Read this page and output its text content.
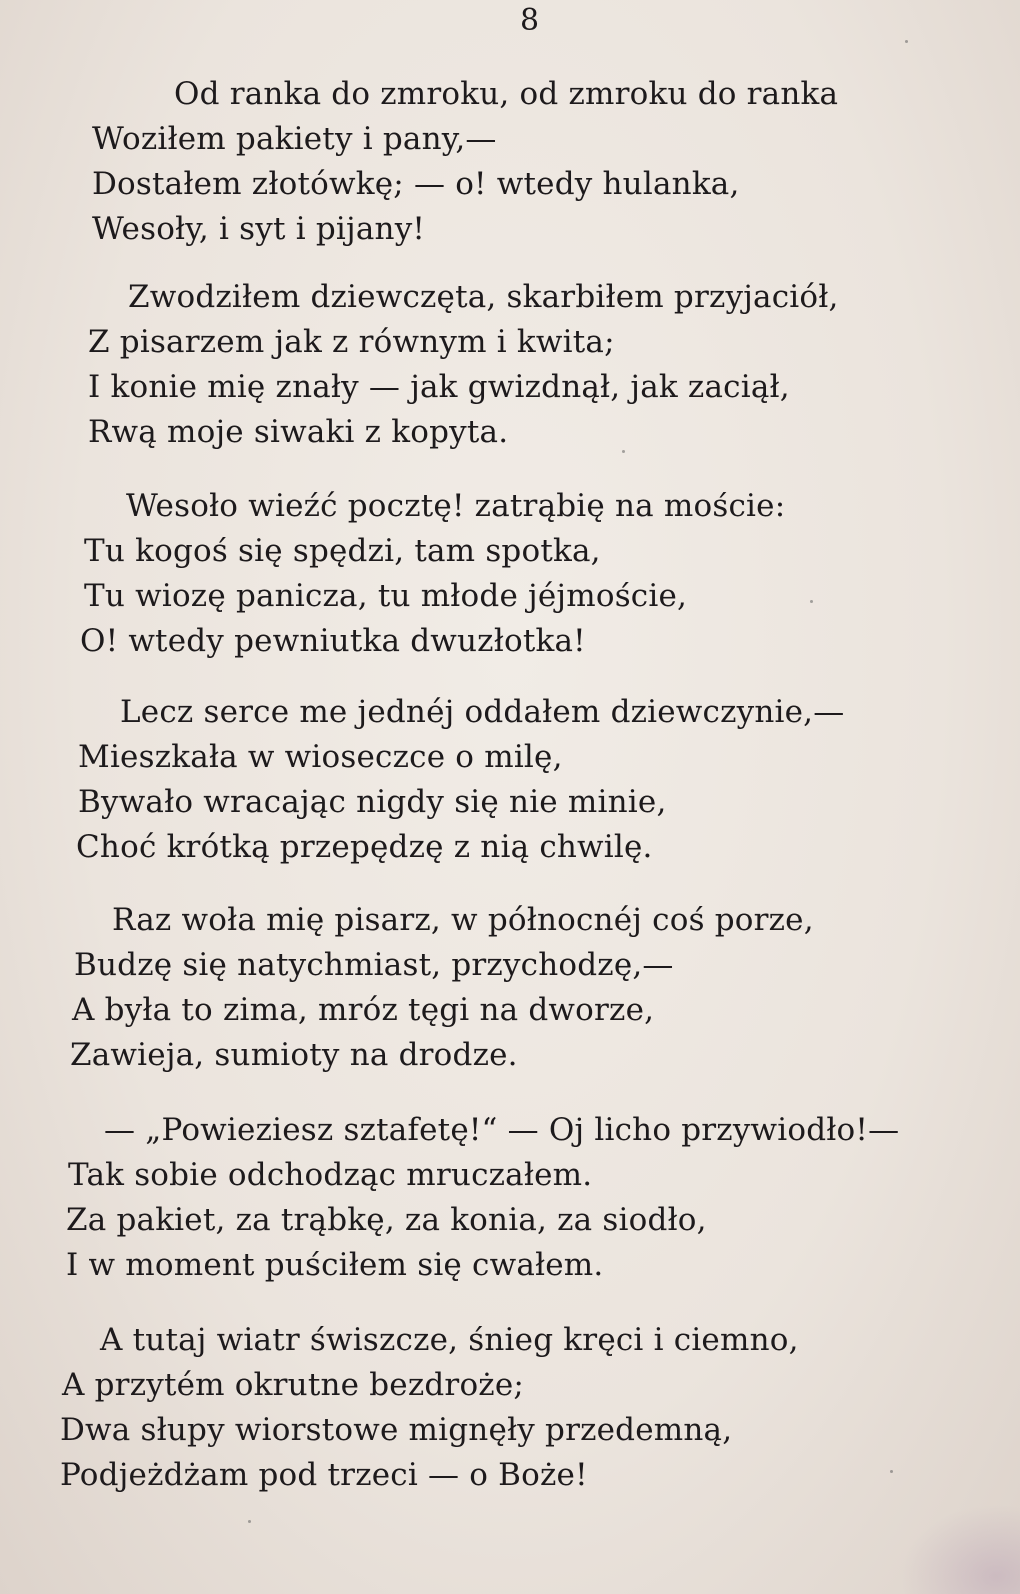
8
Od ranka do zmroku, od zmroku do ranka
Woziłem pakiety i pany,—
Dostałem złotówkę; — o! wtedy hulanka,
Wesoły, i syt i pijany!
Zwodziłem dziewczęta, skarbiłem przyjaciół,
Z pisarzem jak z równym i kwita;
I konie mię znały — jak gwizdnął, jak zaciął,
Rwą moje siwaki z kopyta.
Wesoło wieźć pocztę! zatrąbię na moście:
Tu kogoś się spędzi, tam spotka,
Tu wiozę panicza, tu młode jéjmoście,
O! wtedy pewniutka dwuzłotka!
Lecz serce me jednéj oddałem dziewczynie,—
Mieszkała w wioseczce o milę,
Bywało wracając nigdy się nie minie,
Choć krótką przepędzę z nią chwilę.
Raz woła mię pisarz, w północnéj coś porze,
Budzę się natychmiast, przychodzę,—
A była to zima, mróz tęgi na dworze,
Zawieja, sumioty na drodze.
— „Powieziesz sztafetę!“ — Oj licho przywiodło!—
Tak sobie odchodząc mruczałem.
Za pakiet, za trąbkę, za konia, za siodło,
I w moment puściłem się cwałem.
A tutaj wiatr świszcze, śnieg kręci i ciemno,
A przytém okrutne bezdroże;
Dwa słupy wiorstowe mignęły przedemną,
Podjeżdżam pod trzeci — o Boże!
